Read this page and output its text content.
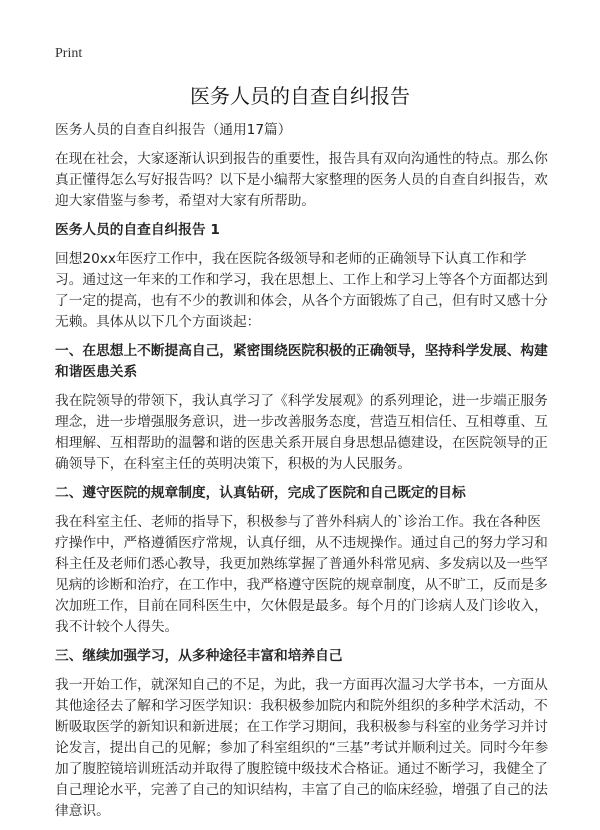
Print
医务人员的自查自纠报告

医务人员的自查自纠报告（通用17篇）

在现在社会，大家逐渐认识到报告的重要性，报告具有双向沟通性的特点。那么你真正懂得怎么写好报告吗？以下是小编帮大家整理的医务人员的自查自纠报告，欢迎大家借鉴与参考，希望对大家有所帮助。

医务人员的自查自纠报告 1

回想20xx年医疗工作中，我在医院各级领导和老师的正确领导下认真工作和学习。通过这一年来的工作和学习，我在思想上、工作上和学习上等各个方面都达到了一定的提高，也有不少的教训和体会，从各个方面锻炼了自己，但有时又感十分无赖。具体从以下几个方面谈起：

一、在思想上不断提高自己，紧密围绕医院积极的正确领导，坚持科学发展、构建和谐医患关系

我在院领导的带领下，我认真学习了《科学发展观》的系列理论，进一步端正服务理念，进一步增强服务意识，进一步改善服务态度，营造互相信任、互相尊重、互相理解、互相帮助的温馨和谐的医患关系开展自身思想品德建设，在医院领导的正确领导下，在科室主任的英明决策下，积极的为人民服务。

二、遵守医院的规章制度，认真钻研，完成了医院和自己既定的目标

我在科室主任、老师的指导下，积极参与了普外科病人的`诊治工作。我在各种医疗操作中，严格遵循医疗常规，认真仔细，从不违规操作。通过自己的努力学习和科主任及老师们悉心教导，我更加熟练掌握了普通外科常见病、多发病以及一些罕见病的诊断和治疗，在工作中，我严格遵守医院的规章制度，从不旷工，反而是多次加班工作，目前在同科医生中，欠休假是最多。每个月的门诊病人及门诊收入，我不计较个人得失。

三、继续加强学习，从多种途径丰富和培养自己

我一开始工作，就深知自己的不足，为此，我一方面再次温习大学书本，一方面从其他途径去了解和学习医学知识：我积极参加院内和院外组织的多种学术活动，不断吸取医学的新知识和新进展；在工作学习期间，我积极参与科室的业务学习并讨论发言，提出自己的见解；参加了科室组织的“三基”考试并顺利过关。同时今年参加了腹腔镜培训班活动并取得了腹腔镜中级技术合格证。通过不断学习，我健全了自己理论水平，完善了自己的知识结构，丰富了自己的临床经验，增强了自己的法律意识。
